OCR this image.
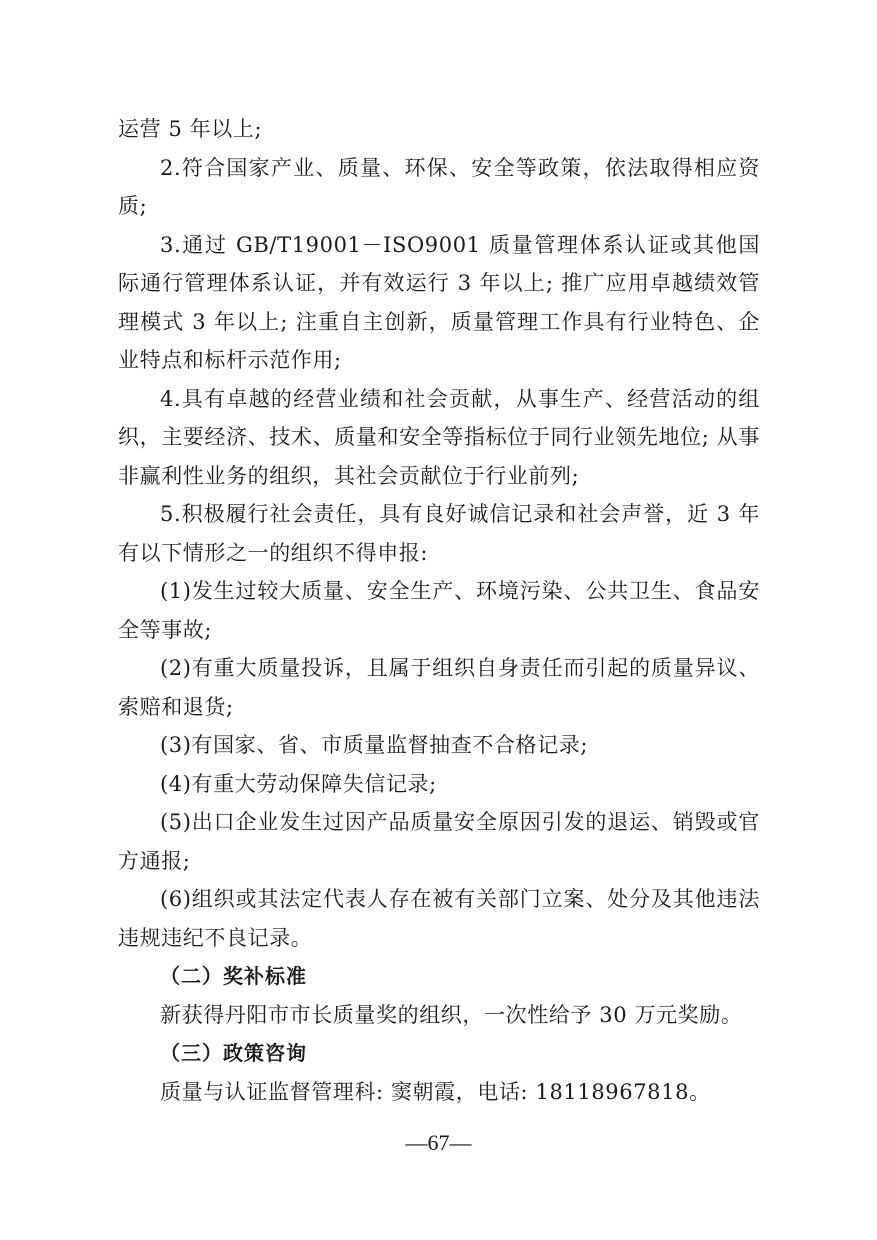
运营 5 年以上;

2.符合国家产业、质量、环保、安全等政策，依法取得相应资质;

3.通过 GB/T19001－ISO9001 质量管理体系认证或其他国际通行管理体系认证，并有效运行 3 年以上; 推广应用卓越绩效管理模式 3 年以上; 注重自主创新，质量管理工作具有行业特色、企业特点和标杆示范作用;

4.具有卓越的经营业绩和社会贡献，从事生产、经营活动的组织，主要经济、技术、质量和安全等指标位于同行业领先地位; 从事非赢利性业务的组织，其社会贡献位于行业前列;

5.积极履行社会责任，具有良好诚信记录和社会声誉，近 3 年有以下情形之一的组织不得申报:

(1)发生过较大质量、安全生产、环境污染、公共卫生、食品安全等事故;

(2)有重大质量投诉，且属于组织自身责任而引起的质量异议、索赔和退货;

(3)有国家、省、市质量监督抽查不合格记录;

(4)有重大劳动保障失信记录;

(5)出口企业发生过因产品质量安全原因引发的退运、销毁或官方通报;

(6)组织或其法定代表人存在被有关部门立案、处分及其他违法违规违纪不良记录。

（二）奖补标准

新获得丹阳市市长质量奖的组织，一次性给予 30 万元奖励。

（三）政策咨询

质量与认证监督管理科: 窦朝霞，电话: 18118967818。

—67—
